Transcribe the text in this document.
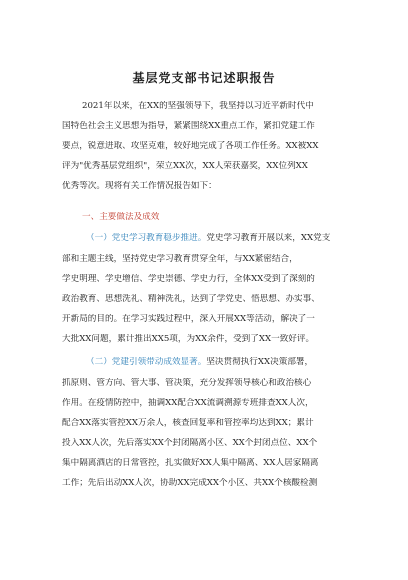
基层党支部书记述职报告
2021年以来，在XX的坚强领导下，我坚持以习近平新时代中
国特色社会主义思想为指导，紧紧围绕XX重点工作，紧扣党建工作
要点，锐意进取、攻坚克难，较好地完成了各项工作任务。XX被XX
评为"优秀基层党组织"，荣立XX次，XX人荣获嘉奖，XX位列XX
优秀等次。现将有关工作情况报告如下：
一、主要做法及成效
（一）党史学习教育稳步推进。党史学习教育开展以来，XX党支
部和主题主线，坚持党史学习教育贯穿全年，与XX紧密结合，
学史明理、学史增信、学史崇德、学史力行，全体XX受到了深刻的
政治教育、思想洗礼、精神洗礼，达到了学党史、悟思想、办实事、
开新局的目的。在学习实践过程中，深入开展XX等活动，解决了一
大批XX问题，累计推出XX5项，为XX余件，受到了XX一致好评。
（二）党建引领带动成效显著。坚决贯彻执行XX决策部署，
抓原则、管方向、管大事、管决策，充分发挥领导核心和政治核心
作用。在疫情防控中，抽调XX配合XX流调溯源专班排查XX人次，
配合XX落实管控XX万余人，核查回复率和管控率均达到XX；累计
投入XX人次，先后落实XX个封闭隔离小区、XX个封闭点位、XX个
集中隔离酒店的日常管控，扎实做好XX人集中隔离、XX人居家隔离
工作；先后出动XX人次，协助XX完成XX个小区、共XX个核酸检测
